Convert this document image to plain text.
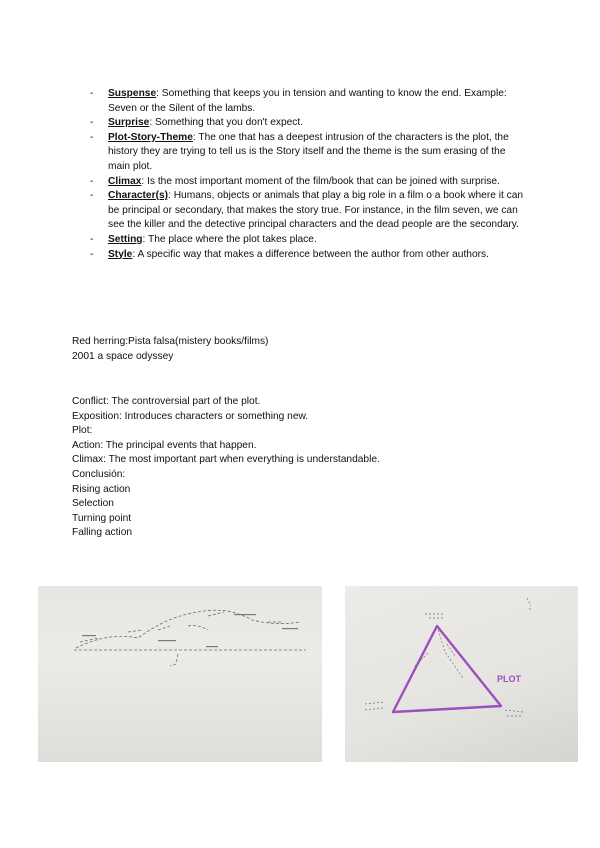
- Suspense: Something that keeps you in tension and wanting to know the end. Example: Seven or the Silent of the lambs.
- Surprise: Something that you don't expect.
- Plot-Story-Theme: The one that has a deepest intrusion of the characters is the plot, the history they are trying to tell us is the Story itself and the theme is the sum erasing of the main plot.
- Climax: Is the most important moment of the film/book that can be joined with surprise.
- Character(s): Humans, objects or animals that play a big role in a film o a book where it can be principal or secondary, that makes the story true. For instance, in the film seven, we can see the killer and the detective principal characters and the dead people are the secondary.
- Setting: The place where the plot takes place.
- Style: A specific way that makes a difference between the author from other authors.
Red herring:Pista falsa(mistery books/films)
2001 a space odyssey
Conflict: The controversial part of the plot.
Exposition: Introduces characters or something new.
Plot:
Action: The principal events that happen.
Climax: The most important part when everything is understandable.
Conclusión:
Rising action
Selection
Turning point
Falling action
PLOT
